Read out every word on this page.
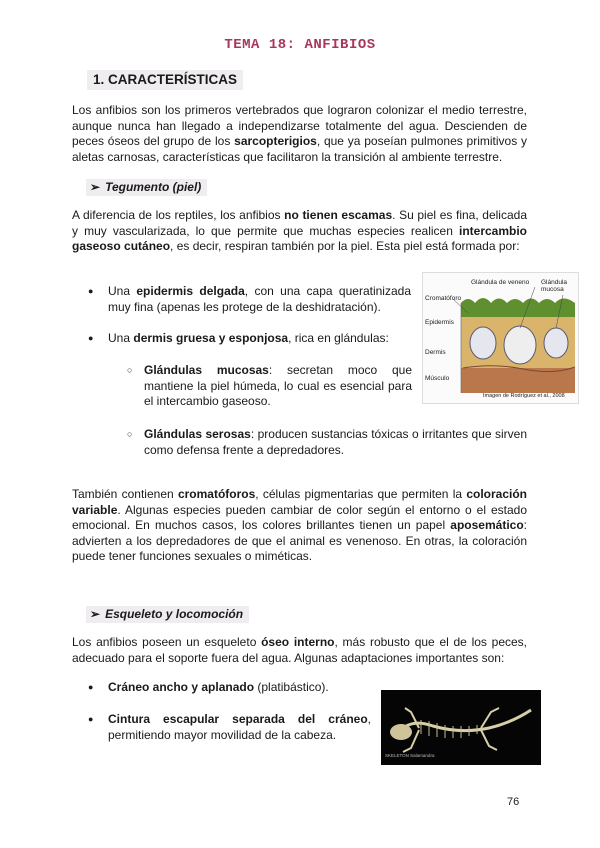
TEMA 18: ANFIBIOS
1. CARACTERÍSTICAS
Los anfibios son los primeros vertebrados que lograron colonizar el medio terrestre, aunque nunca han llegado a independizarse totalmente del agua. Descienden de peces óseos del grupo de los sarcopterigios, que ya poseían pulmones primitivos y aletas carnosas, características que facilitaron la transición al ambiente terrestre.
➢ Tegumento (piel)
A diferencia de los reptiles, los anfibios no tienen escamas. Su piel es fina, delicada y muy vascularizada, lo que permite que muchas especies realicen intercambio gaseoso cutáneo, es decir, respiran también por la piel. Esta piel está formada por:
● Una epidermis delgada, con una capa queratinizada muy fina (apenas les protege de la deshidratación).
● Una dermis gruesa y esponjosa, rica en glándulas:
○ Glándulas mucosas: secretan moco que mantiene la piel húmeda, lo cual es esencial para el intercambio gaseoso.
○ Glándulas serosas: producen sustancias tóxicas o irritantes que sirven como defensa frente a depredadores.
Glándula de veneno Glándula mucosa
Cromatóforo
Epidermis
Dermis
Músculo
Imagen de Rodríguez et al., 2008
También contienen cromatóforos, células pigmentarias que permiten la coloración variable. Algunas especies pueden cambiar de color según el entorno o el estado emocional. En muchos casos, los colores brillantes tienen un papel aposemático: advierten a los depredadores de que el animal es venenoso. En otras, la coloración puede tener funciones sexuales o miméticas.
➢ Esqueleto y locomoción
Los anfibios poseen un esqueleto óseo interno, más robusto que el de los peces, adecuado para el soporte fuera del agua. Algunas adaptaciones importantes son:
● Cráneo ancho y aplanado (platibástico).
● Cintura escapular separada del cráneo, permitiendo mayor movilidad de la cabeza.
SKELETON Salamandra
76
